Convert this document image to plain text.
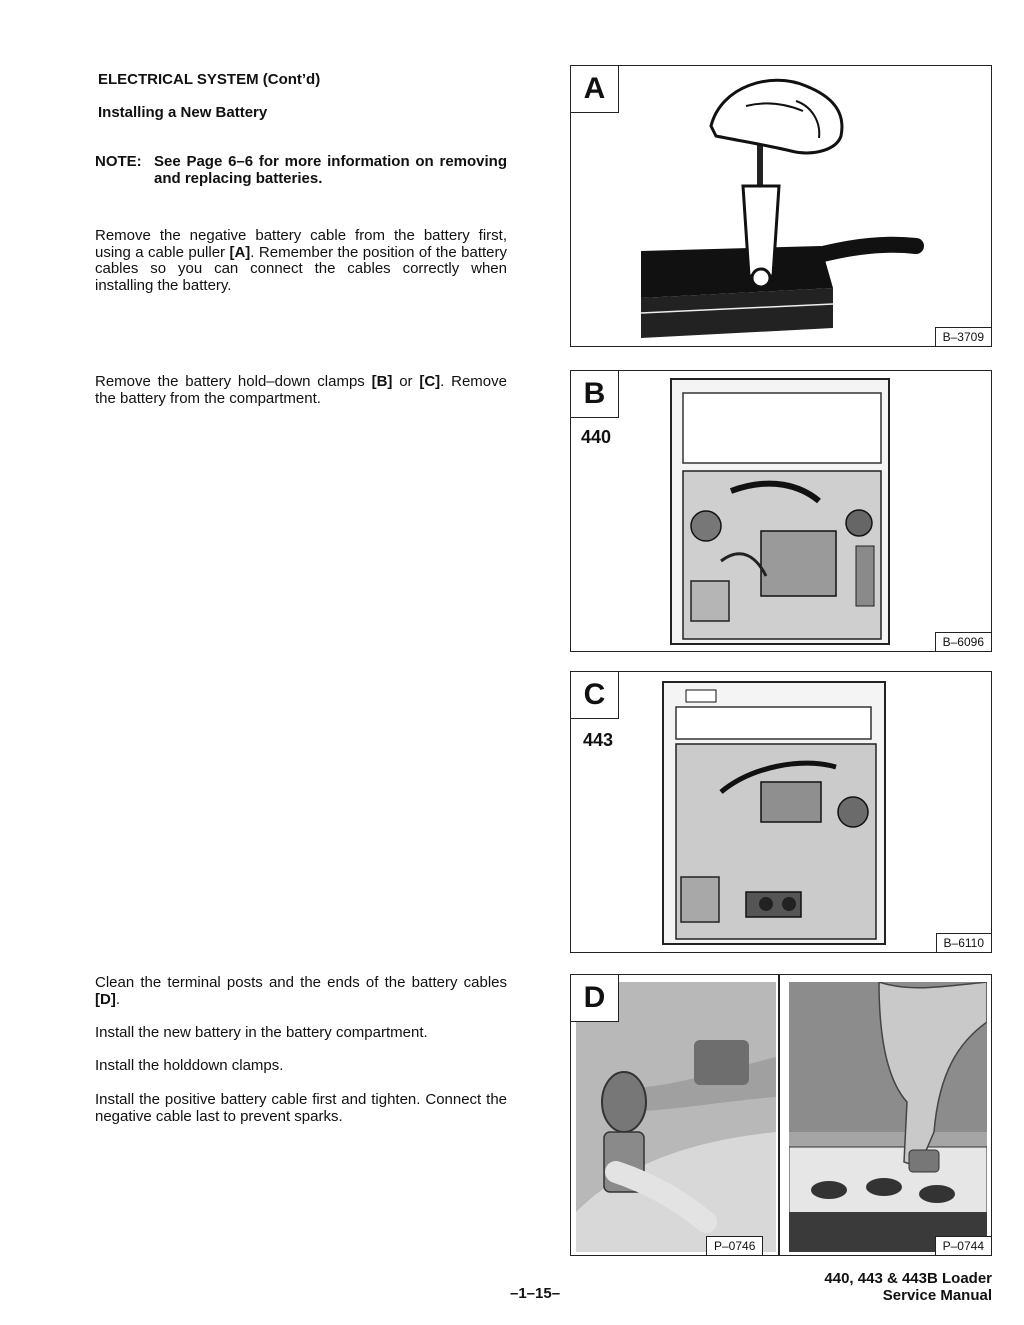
ELECTRICAL SYSTEM (Cont’d)
Installing a New Battery
NOTE: See Page 6–6 for more information on removing and replacing batteries.
Remove the negative battery cable from the battery first, using a cable puller [A]. Remember the position of the battery cables so you can connect the cables correctly when installing the battery.
Remove the battery hold–down clamps [B] or [C]. Remove the battery from the compartment.
Clean the terminal posts and the ends of the battery cables [D].
Install the new battery in the battery compartment.
Install the holddown clamps.
Install the positive battery cable first and tighten. Connect the negative cable last to prevent sparks.
A
B–3709
B
440
B–6096
C
443
B–6110
D
P–0746	P–0744
–1–15–
440, 443 & 443B Loader
Service Manual
